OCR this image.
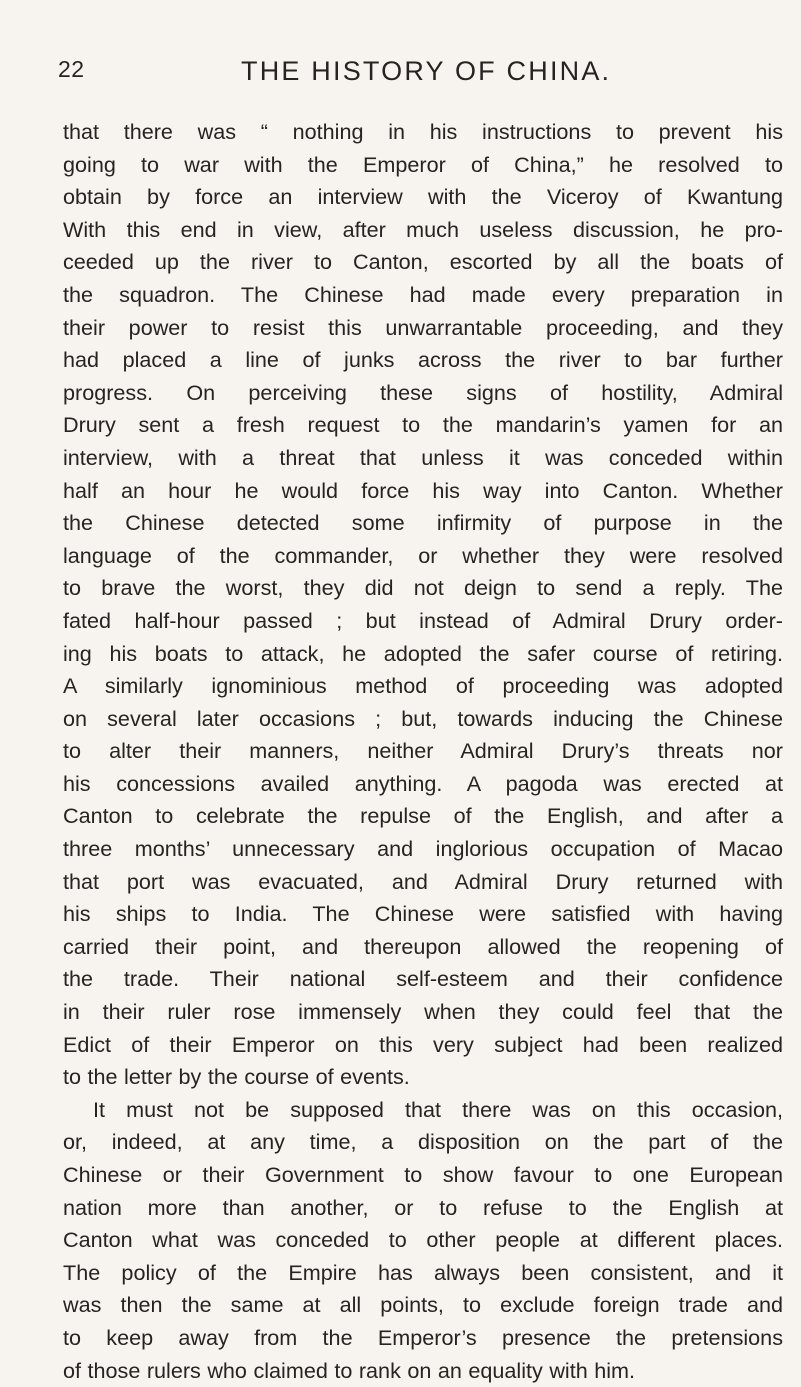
22	THE HISTORY OF CHINA.
that there was “ nothing in his instructions to prevent his
going to war with the Emperor of China,” he resolved to
obtain by force an interview with the Viceroy of Kwantung
With this end in view, after much useless discussion, he pro-
ceeded up the river to Canton, escorted by all the boats of
the squadron. The Chinese had made every preparation in
their power to resist this unwarrantable proceeding, and they
had placed a line of junks across the river to bar further
progress. On perceiving these signs of hostility, Admiral
Drury sent a fresh request to the mandarin’s yamen for an
interview, with a threat that unless it was conceded within
half an hour he would force his way into Canton. Whether
the Chinese detected some infirmity of purpose in the
language of the commander, or whether they were resolved
to brave the worst, they did not deign to send a reply. The
fated half-hour passed ; but instead of Admiral Drury order-
ing his boats to attack, he adopted the safer course of retiring.
A similarly ignominious method of proceeding was adopted
on several later occasions ; but, towards inducing the Chinese
to alter their manners, neither Admiral Drury’s threats nor
his concessions availed anything. A pagoda was erected at
Canton to celebrate the repulse of the English, and after a
three months’ unnecessary and inglorious occupation of Macao
that port was evacuated, and Admiral Drury returned with
his ships to India. The Chinese were satisfied with having
carried their point, and thereupon allowed the reopening of
the trade. Their national self-esteem and their confidence
in their ruler rose immensely when they could feel that the
Edict of their Emperor on this very subject had been realized
to the letter by the course of events.
It must not be supposed that there was on this occasion,
or, indeed, at any time, a disposition on the part of the
Chinese or their Government to show favour to one European
nation more than another, or to refuse to the English at
Canton what was conceded to other people at different places.
The policy of the Empire has always been consistent, and it
was then the same at all points, to exclude foreign trade and
to keep away from the Emperor’s presence the pretensions
of those rulers who claimed to rank on an equality with him.
